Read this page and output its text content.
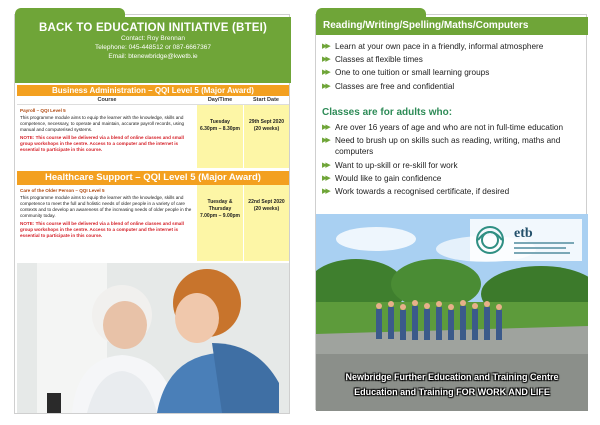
BACK TO EDUCATION INITIATIVE (BTEI)
Contact: Roy Brennan
Telephone: 045-448512 or 087-6667367
Email: btenewbridge@kwetb.ie
Business Administration – QQI Level 5 (Major Award)
Course	Day/Time	Start Date
Payroll – QQI Level 5
This programme module aims to equip the learner with the knowledge, skills and competence, necessary, to operate and maintain, accurate payroll records, using manual and computerised systems.
NOTE: This course will be delivered via a blend of online classes and small group workshops in the centre. Access to a computer and the internet is essential to participate in this course.
Tuesday
6.30pm – 8.30pm
29th Sept 2020
(20 weeks)
Healthcare Support – QQI Level 5 (Major Award)
Care of the Older Person – QQI Level 5
This programme module aims to equip the learner with the knowledge, skills and competence to meet the full and holistic needs of older people in a variety of care contexts and to develop an awareness of the increasing needs of older people in the community today.
NOTE: This course will be delivered via a blend of online classes and small group workshops in the centre. Access to a computer and the internet is essential to participate in this course.
Tuesday & Thursday
7.00pm – 9.00pm
22nd Sept 2020
(20 weeks)
Reading/Writing/Spelling/Maths/Computers
▶▶ Learn at your own pace in a friendly, informal atmosphere
▶▶ Classes at flexible times
▶▶ One to one tuition or small learning groups
▶▶ Classes are free and confidential
Classes are for adults who:
▶▶ Are over 16 years of age and who are not in full-time education
▶▶ Need to brush up on skills such as reading, writing, maths and computers
▶▶ Want to up-skill or re-skill for work
▶▶ Would like to gain confidence
▶▶ Work towards a recognised certificate, if desired
etb
Newbridge Further Education and Training Centre
Education and Training FOR WORK AND LIFE
